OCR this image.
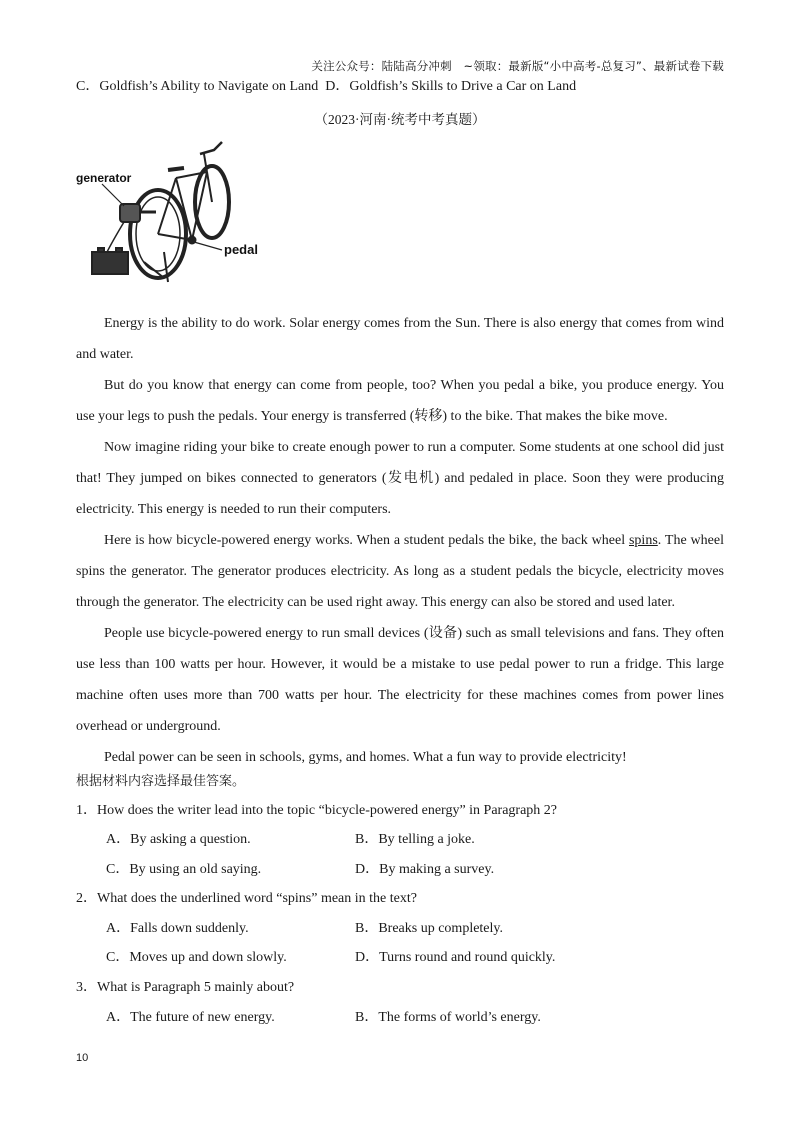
关注公众号：陆陆高分冲刺　~领取：最新版“小中高考-总复习”、最新试卷下载
C．Goldfish’s Ability to Navigate on Land D．Goldfish’s Skills to Drive a Car on Land
（2023·河南·统考中考真题）
generator
pedal

Energy is the ability to do work. Solar energy comes from the Sun. There is also energy that comes from wind and water.

But do you know that energy can come from people, too? When you pedal a bike, you produce energy. You use your legs to push the pedals. Your energy is transferred (转移) to the bike. That makes the bike move.

Now imagine riding your bike to create enough power to run a computer. Some students at one school did just that! They jumped on bikes connected to generators (发电机) and pedaled in place. Soon they were producing electricity. This energy is needed to run their computers.

Here is how bicycle-powered energy works. When a student pedals the bike, the back wheel spins. The wheel spins the generator. The generator produces electricity. As long as a student pedals the bicycle, electricity moves through the generator. The electricity can be used right away. This energy can also be stored and used later.

People use bicycle-powered energy to run small devices (设备) such as small televisions and fans. They often use less than 100 watts per hour. However, it would be a mistake to use pedal power to run a fridge. This large machine often uses more than 700 watts per hour. The electricity for these machines comes from power lines overhead or underground.

Pedal power can be seen in schools, gyms, and homes. What a fun way to provide electricity!

根据材料内容选择最佳答案。
1．How does the writer lead into the topic “bicycle-powered energy” in Paragraph 2?
A．By asking a question.	B．By telling a joke.
C．By using an old saying.	D．By making a survey.
2．What does the underlined word “spins” mean in the text?
A．Falls down suddenly.	B．Breaks up completely.
C．Moves up and down slowly.	D．Turns round and round quickly.
3．What is Paragraph 5 mainly about?
A．The future of new energy.	B．The forms of world’s energy.
10
